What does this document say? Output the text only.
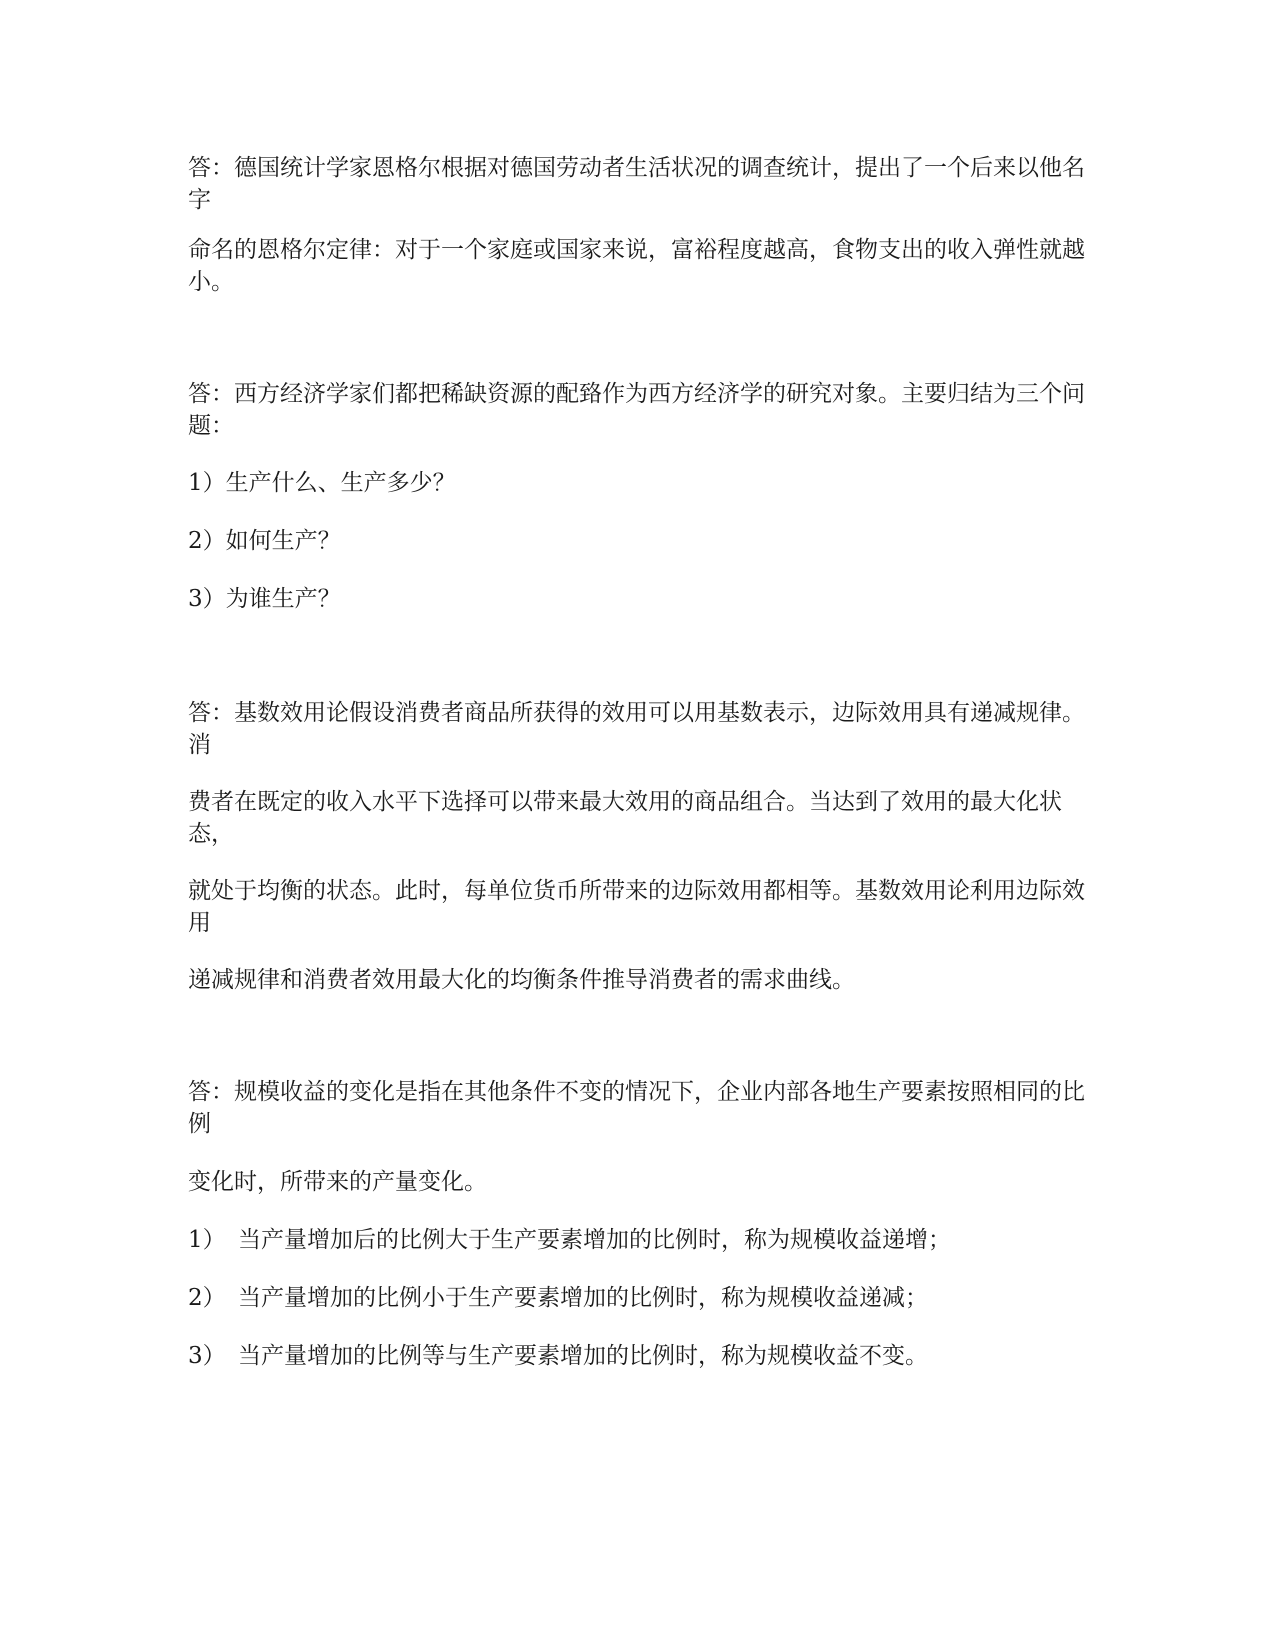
答：德国统计学家恩格尔根据对德国劳动者生活状况的调查统计，提出了一个后来以他名字
命名的恩格尔定律：对于一个家庭或国家来说，富裕程度越高，食物支出的收入弹性就越小。
答：西方经济学家们都把稀缺资源的配臵作为西方经济学的研究对象。主要归结为三个问题：
1）生产什么、生产多少？
2）如何生产？
3）为谁生产？
答：基数效用论假设消费者商品所获得的效用可以用基数表示，边际效用具有递减规律。消
费者在既定的收入水平下选择可以带来最大效用的商品组合。当达到了效用的最大化状态，
就处于均衡的状态。此时，每单位货币所带来的边际效用都相等。基数效用论利用边际效用
递减规律和消费者效用最大化的均衡条件推导消费者的需求曲线。
答：规模收益的变化是指在其他条件不变的情况下，企业内部各地生产要素按照相同的比例
变化时，所带来的产量变化。
1） 当产量增加后的比例大于生产要素增加的比例时，称为规模收益递增；
2） 当产量增加的比例小于生产要素增加的比例时，称为规模收益递减；
3） 当产量增加的比例等与生产要素增加的比例时，称为规模收益不变。
